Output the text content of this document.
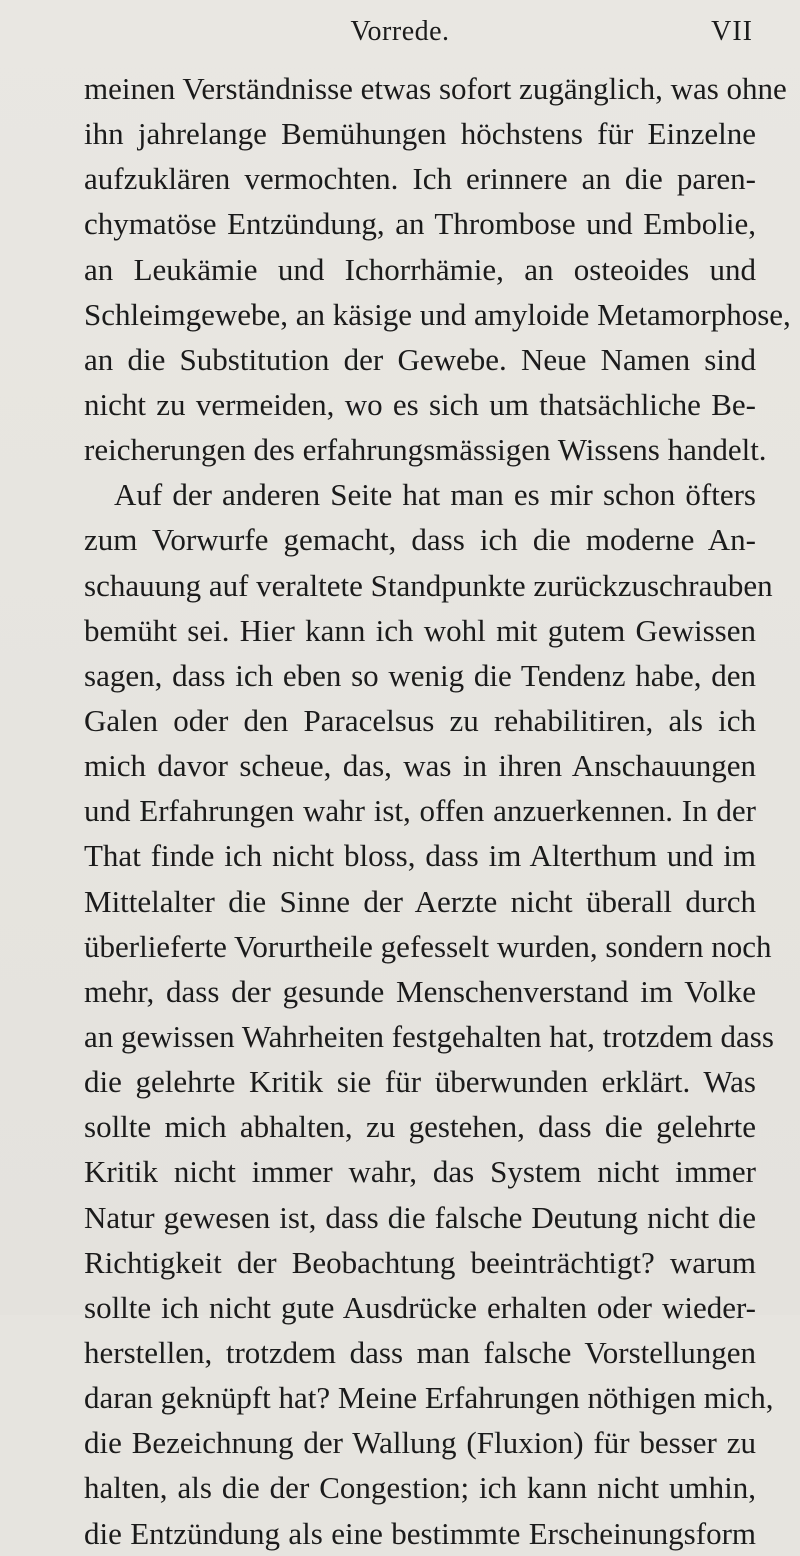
Vorrede.	VII
meinen Verständnisse etwas sofort zugänglich, was ohne
ihn jahrelange Bemühungen höchstens für Einzelne
aufzuklären vermochten. Ich erinnere an die paren-
chymatöse Entzündung, an Thrombose und Embolie,
an Leukämie und Ichorrhämie, an osteoides und
Schleimgewebe, an käsige und amyloide Metamorphose,
an die Substitution der Gewebe. Neue Namen sind
nicht zu vermeiden, wo es sich um thatsächliche Be-
reicherungen des erfahrungsmässigen Wissens handelt.
Auf der anderen Seite hat man es mir schon öfters
zum Vorwurfe gemacht, dass ich die moderne An-
schauung auf veraltete Standpunkte zurückzuschrauben
bemüht sei. Hier kann ich wohl mit gutem Gewissen
sagen, dass ich eben so wenig die Tendenz habe, den
Galen oder den Paracelsus zu rehabilitiren, als ich
mich davor scheue, das, was in ihren Anschauungen
und Erfahrungen wahr ist, offen anzuerkennen. In der
That finde ich nicht bloss, dass im Alterthum und im
Mittelalter die Sinne der Aerzte nicht überall durch
überlieferte Vorurtheile gefesselt wurden, sondern noch
mehr, dass der gesunde Menschenverstand im Volke
an gewissen Wahrheiten festgehalten hat, trotzdem dass
die gelehrte Kritik sie für überwunden erklärt. Was
sollte mich abhalten, zu gestehen, dass die gelehrte
Kritik nicht immer wahr, das System nicht immer
Natur gewesen ist, dass die falsche Deutung nicht die
Richtigkeit der Beobachtung beeinträchtigt? warum
sollte ich nicht gute Ausdrücke erhalten oder wieder-
herstellen, trotzdem dass man falsche Vorstellungen
daran geknüpft hat? Meine Erfahrungen nöthigen mich,
die Bezeichnung der Wallung (Fluxion) für besser zu
halten, als die der Congestion; ich kann nicht umhin,
die Entzündung als eine bestimmte Erscheinungsform
